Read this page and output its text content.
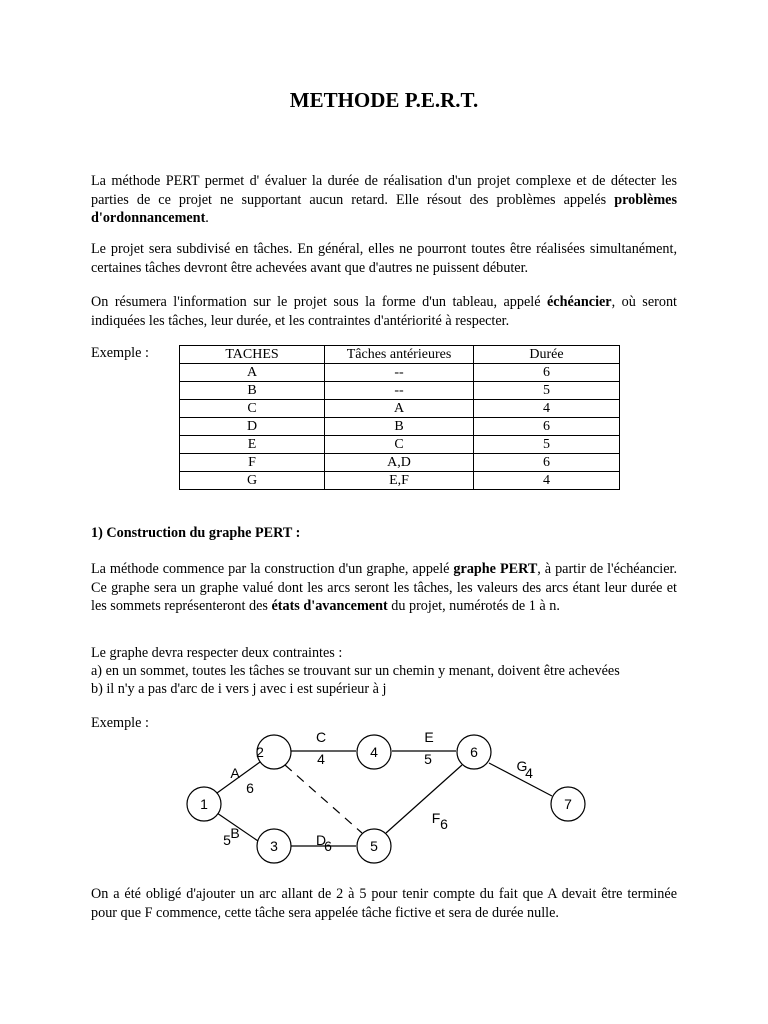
METHODE P.E.R.T.

La méthode PERT permet d' évaluer la durée de réalisation d'un projet complexe et de détecter les parties de ce projet ne supportant aucun retard. Elle résout des problèmes appelés problèmes d'ordonnancement.

Le projet sera subdivisé en tâches. En général, elles ne pourront toutes être réalisées simultanément, certaines tâches devront être achevées avant que d'autres ne puissent débuter.

On résumera l'information sur le projet sous la forme d'un tableau, appelé échéancier, où seront indiquées les tâches, leur durée, et les contraintes d'antériorité à respecter.

Exemple :	TACHES	Tâches antérieures	Durée
A	--	6
B	--	5
C	A	4
D	B	6
E	C	5
F	A,D	6
G	E,F	4

1) Construction du graphe PERT :

La méthode commence par la construction d'un graphe, appelé graphe PERT, à partir de l'échéancier. Ce graphe sera un graphe valué dont les arcs seront les tâches, les valeurs des arcs étant leur durée et les sommets représenteront des états d'avancement du projet, numérotés de 1 à n.

Le graphe devra respecter deux contraintes :

a) en un sommet, toutes les tâches se trouvant sur un chemin y menant, doivent être achevées

b) il n'y a pas d'arc de i vers j avec i est supérieur à j

Exemple :

1
2
3
4
5
6
7
A
6
B
5
C
4
D
6
E
5
F 6
G
4

On a été obligé d'ajouter un arc allant de 2 à 5 pour tenir compte du fait que A devait être terminée pour que F commence, cette tâche sera appelée tâche fictive et sera de durée nulle.
